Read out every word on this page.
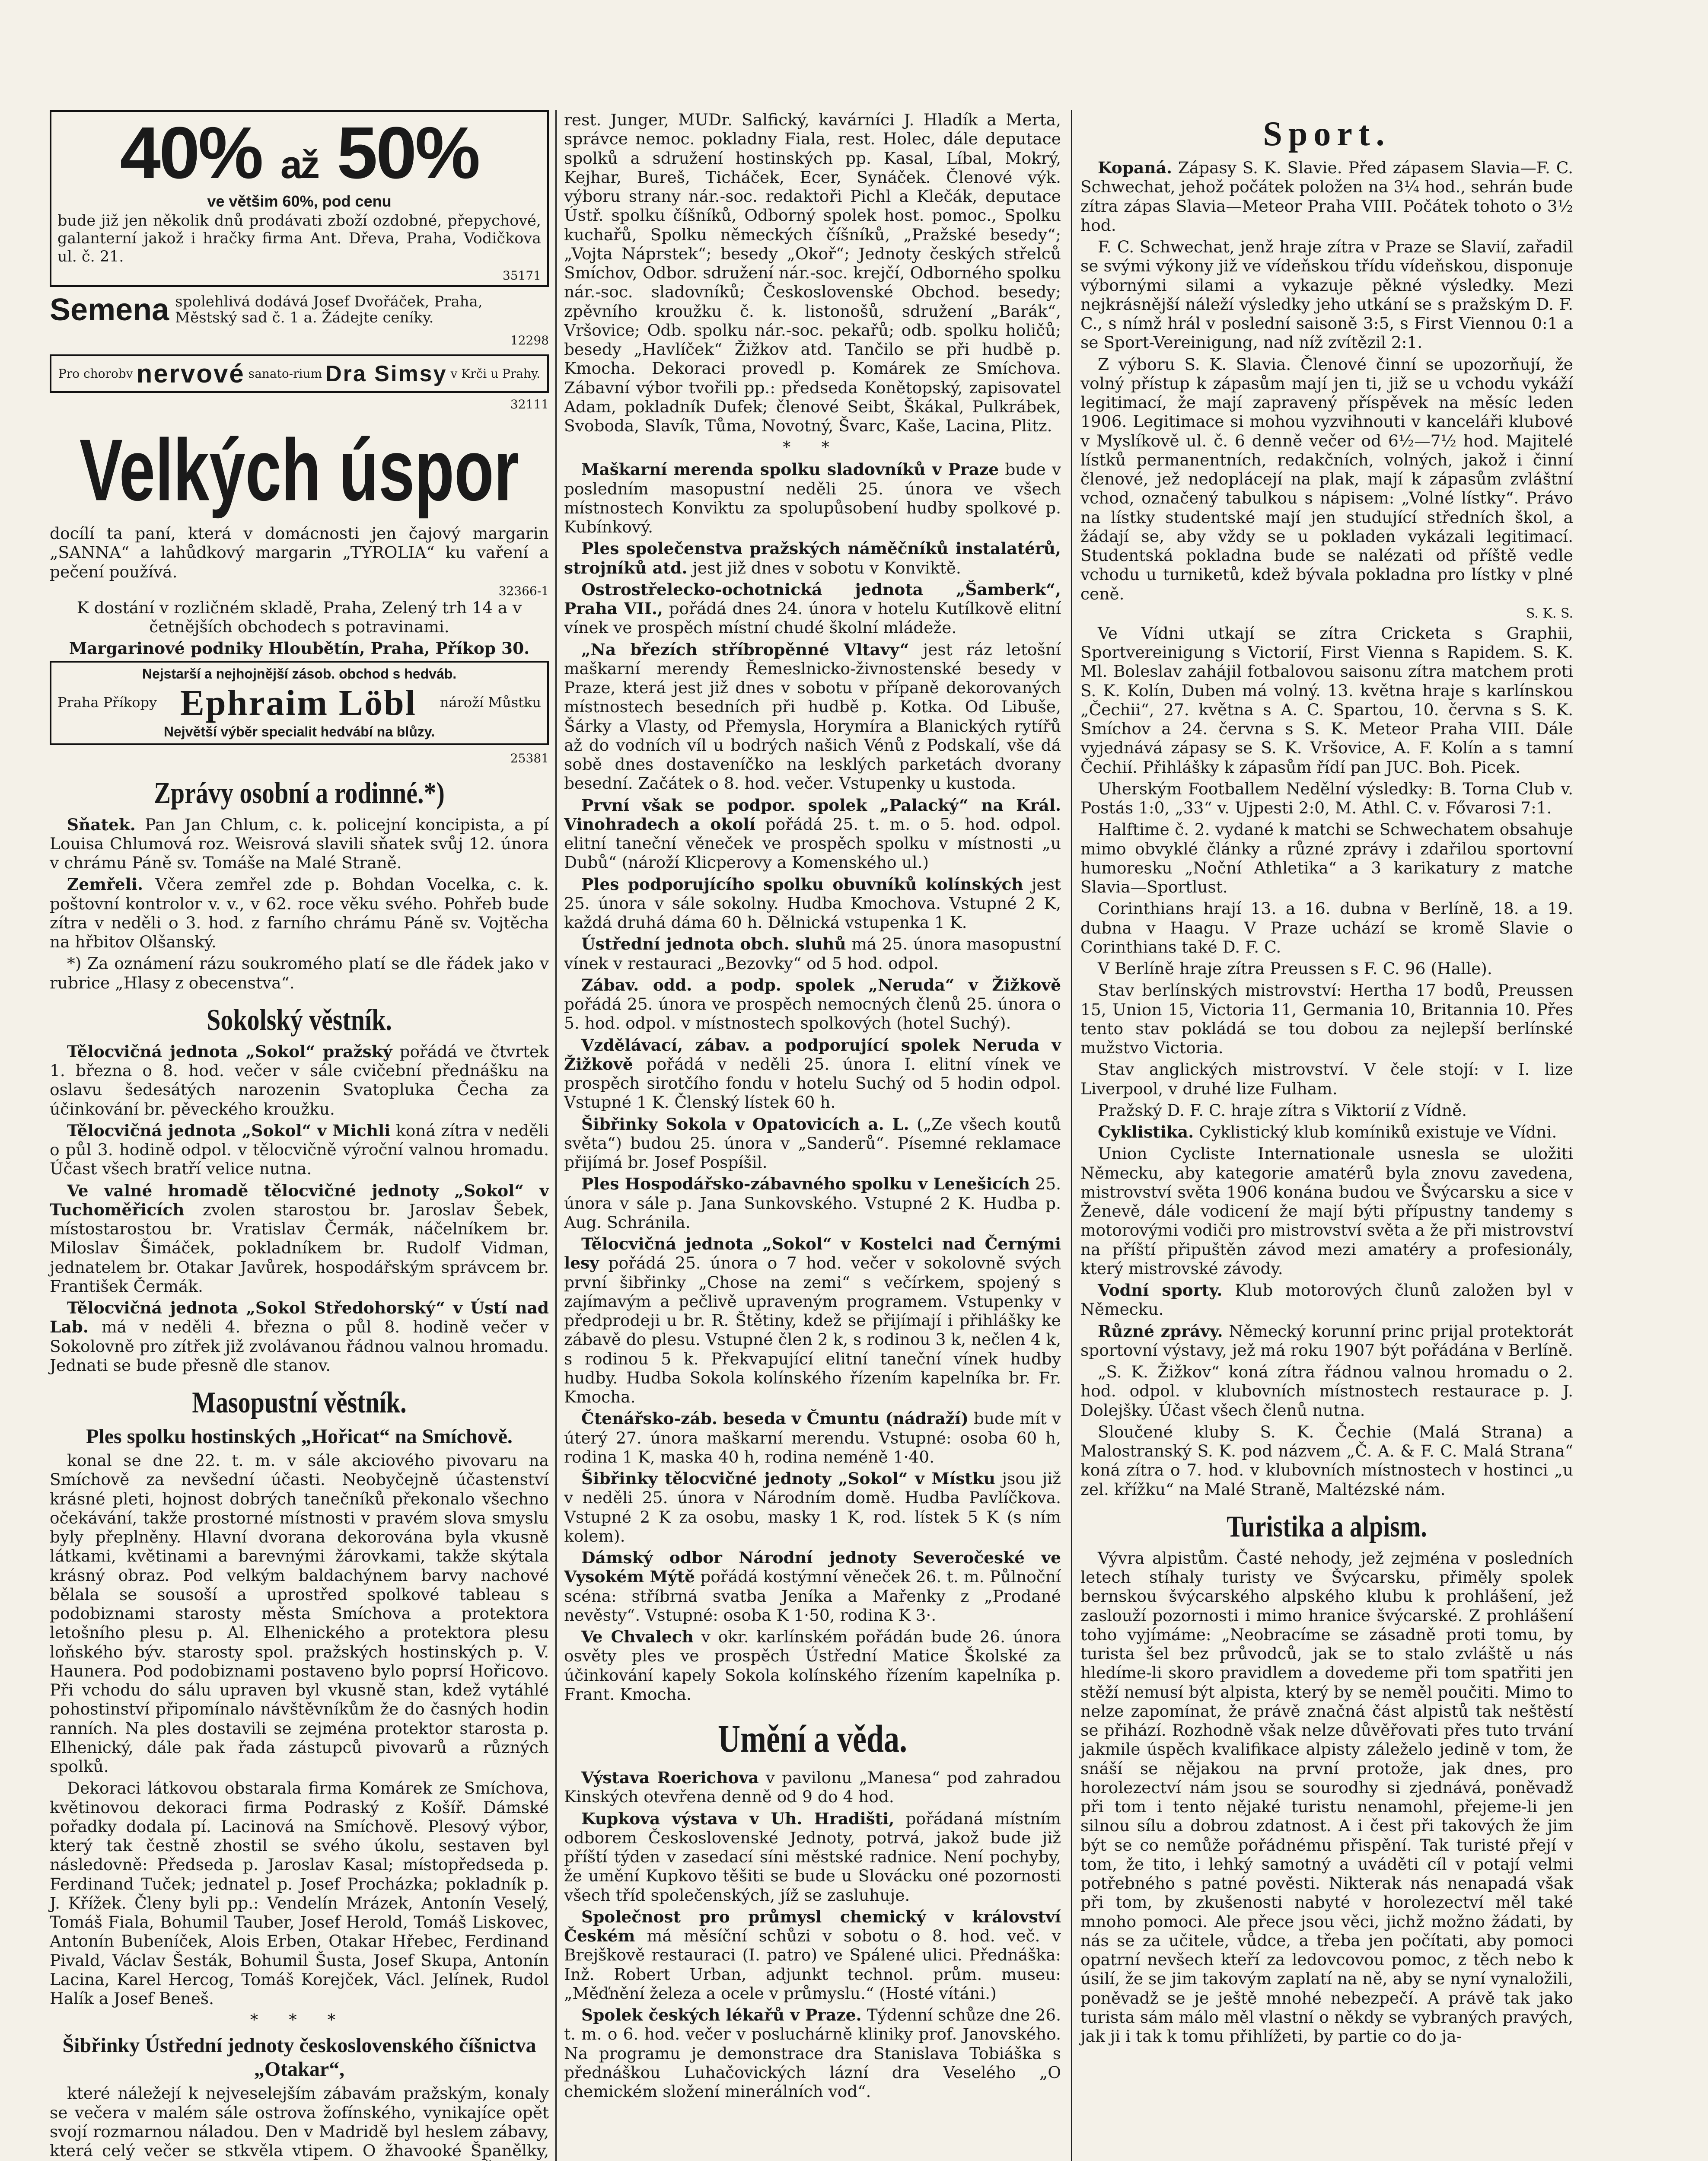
40% až 50%
ve většim 60%, pod cenu

bude již jen několik dnů prodávati zboží ozdobné, přepychové, galanterní jakož i hračky firma Ant. Dřeva, Praha, Vodičkova ul. č. 21.

35171
Semena spolehlivá dodává Josef Dvořáček, Praha, Městský sad č. 1 a. Žádejte ceníky.
12298
Pro chorobv nervové sanato-rium Dra Simsy v Krči u Prahy.
32111
Velkých úspor

docílí ta paní, která v domácnosti jen čajový margarin „SANNA“ a lahůdkový margarin „TYROLIA“ ku vaření a pečení používá.

32366-1

K dostání v rozličném skladě, Praha, Zelený trh 14 a v četnějších obchodech s potravinami.

Margarinové podniky Hloubětín, Praha, Příkop 30.

Nejstarší a nejhojnější zásob. obchod s hedváb.
Praha Příkopy Ephraim Löbl nároží Můstku
Největší výběr specialit hedvábí na blůzy.
25381
Zprávy osobní a rodinné.*)

Sňatek. Pan Jan Chlum, c. k. policejní koncipista, a pí Louisa Chlumová roz. Weisrová slavili sňatek svůj 12. února v chrámu Páně sv. Tomáše na Malé Straně.

Zemřeli. Včera zemřel zde p. Bohdan Vocelka, c. k. poštovní kontrolor v. v., v 62. roce věku svého. Pohřeb bude zítra v neděli o 3. hod. z farního chrámu Páně sv. Vojtěcha na hřbitov Olšanský.

*) Za oznámení rázu soukromého platí se dle řádek jako v rubrice „Hlasy z obecenstva“.

Sokolský věstník.

Tělocvičná jednota „Sokol“ pražský pořádá ve čtvrtek 1. března o 8. hod. večer v sále cvičební přednášku na oslavu šedesátých narozenin Svatopluka Čecha za účinkování br. pěveckého kroužku.

Tělocvičná jednota „Sokol“ v Michli koná zítra v neděli o půl 3. hodině odpol. v tělocvičně výroční valnou hromadu. Účast všech bratří velice nutna.

Ve valné hromadě tělocvičné jednoty „Sokol“ v Tuchoměřicích zvolen starostou br. Jaroslav Šebek, místostarostou br. Vratislav Čermák, náčelníkem br. Miloslav Šimáček, pokladníkem br. Rudolf Vidman, jednatelem br. Otakar Javůrek, hospodářským správcem br. František Čermák.

Tělocvičná jednota „Sokol Středohorský“ v Ústí nad Lab. má v neděli 4. března o půl 8. hodině večer v Sokolovně pro zítřek již zvolávanou řádnou valnou hromadu. Jednati se bude přesně dle stanov.

Masopustní věstník.
Ples spolku hostinských „Hořicat“ na Smíchově.

konal se dne 22. t. m. v sále akciového pivovaru na Smíchově za nevšední účasti. Neobyčejně účastenství krásné pleti, hojnost dobrých tanečníků překonalo všechno očekávání, takže prostorné místnosti v pravém slova smyslu byly přeplněny. Hlavní dvorana dekorována byla vkusně látkami, květinami a barevnými žárovkami, takže skýtala krásný obraz. Pod velkým baldachýnem barvy nachové bělala se sousoší a uprostřed spolkové tableau s podobiznami starosty města Smíchova a protektora letošního plesu p. Al. Elhenického a protektora plesu loňského býv. starosty spol. pražských hostinských p. V. Haunera. Pod podobiznami postaveno bylo poprsí Hořicovo. Při vchodu do sálu upraven byl vkusně stan, kdež vytáhlé pohostinství připomínalo návštěvníkům že do časných hodin ranních. Na ples dostavili se zejména protektor starosta p. Elhenický, dále pak řada zástupců pivovarů a různých spolků.

Dekoraci látkovou obstarala firma Komárek ze Smíchova, květinovou dekoraci firma Podraský z Košíř. Dámské pořadky dodala pí. Lacinová na Smíchově. Plesový výbor, který tak čestně zhostil se svého úkolu, sestaven byl následovně: Předseda p. Jaroslav Kasal; místopředseda p. Ferdinand Tuček; jednatel p. Josef Procházka; pokladník p. J. Křížek. Členy byli pp.: Vendelín Mrázek, Antonín Veselý, Tomáš Fiala, Bohumil Tauber, Josef Herold, Tomáš Liskovec, Antonín Bubeníček, Alois Erben, Otakar Hřebec, Ferdinand Pivald, Václav Šesták, Bohumil Šusta, Josef Skupa, Antonín Lacina, Karel Hercog, Tomáš Korejček, Václ. Jelínek, Rudol Halík a Josef Beneš.

* * *
Šibřinky Ústřední jednoty československého číšnictva „Otakar“,

které náležejí k nejveselejším zábavám pražským, konaly se večera v malém sále ostrova žofínského, vynikajíce opět svojí rozmarnou náladou. Den v Madridě byl heslem zábavy, která celý večer se stkvěla vtipem. O žhavooké Španělky,

rest. Junger, MUDr. Salfický, kavárníci J. Hladík a Merta, správce nemoc. pokladny Fiala, rest. Holec, dále deputace spolků a sdružení hostinských pp. Kasal, Líbal, Mokrý, Kejhar, Bureš, Ticháček, Ecer, Synáček. Členové výk. výboru strany nár.-soc. redaktoři Pichl a Klečák, deputace Ústř. spolku číšníků, Odborný spolek host. pomoc., Spolku kuchařů, Spolku německých číšníků, „Pražské besedy“; „Vojta Náprstek“; besedy „Okoř“; Jednoty českých střelců Smíchov, Odbor. sdružení nár.-soc. krejčí, Odborného spolku nár.-soc. sladovníků; Československé Obchod. besedy; zpěvního kroužku č. k. listonošů, sdružení „Barák“, Vršovice; Odb. spolku nár.-soc. pekařů; odb. spolku holičů; besedy „Havlíček“ Žižkov atd. Tančilo se při hudbě p. Kmocha. Dekoraci provedl p. Komárek ze Smíchova. Zábavní výbor tvořili pp.: předseda Konětopský, zapisovatel Adam, pokladník Dufek; členové Seibt, Škákal, Pulkrábek, Svoboda, Slavík, Tůma, Novotný, Švarc, Kaše, Lacina, Plitz.

* *

Maškarní merenda spolku sladovníků v Praze bude v posledním masopustní neděli 25. února ve všech místnostech Konviktu za spolupůsobení hudby spolkové p. Kubínkový.

Ples společenstva pražských náměčníků instalatérů, strojníků atd. jest již dnes v sobotu v Konviktě.

Ostrostřelecko-ochotnická jednota „Šamberk“, Praha VII., pořádá dnes 24. února v hotelu Kutílkově elitní vínek ve prospěch místní chudé školní mládeže.

„Na březích stříbropěnné Vltavy“ jest ráz letošní maškarní merendy Řemeslnicko-živnostenské besedy v Praze, která jest již dnes v sobotu v přípaně dekorovaných místnostech besedních při hudbě p. Kotka. Od Libuše, Šárky a Vlasty, od Přemysla, Horymíra a Blanických rytířů až do vodních víl u bodrých našich Vénů z Podskalí, vše dá sobě dnes dostaveníčko na lesklých parketách dvorany besední. Začátek o 8. hod. večer. Vstupenky u kustoda.

První však se podpor. spolek „Palacký“ na Král. Vinohradech a okolí pořádá 25. t. m. o 5. hod. odpol. elitní taneční věneček ve prospěch spolku v místnosti „u Dubů“ (nároží Klicperovy a Komenského ul.)

Ples podporujícího spolku obuvníků kolínských jest 25. února v sále sokolny. Hudba Kmochova. Vstupné 2 K, každá druhá dáma 60 h. Dělnická vstupenka 1 K.

Ústřední jednota obch. sluhů má 25. února masopustní vínek v restauraci „Bezovky“ od 5 hod. odpol.

Zábav. odd. a podp. spolek „Neruda“ v Žižkově pořádá 25. února ve prospěch nemocných členů 25. února o 5. hod. odpol. v místnostech spolkových (hotel Suchý).

Vzdělávací, zábav. a podporující spolek Neruda v Žižkově pořádá v neděli 25. února I. elitní vínek ve prospěch sirotčího fondu v hotelu Suchý od 5 hodin odpol. Vstupné 1 K. Členský lístek 60 h.

Šibřinky Sokola v Opatovicích a. L. („Ze všech koutů světa“) budou 25. února v „Sanderů“. Písemné reklamace přijímá br. Josef Pospíšil.

Ples Hospodářsko-zábavného spolku v Lenešicích 25. února v sále p. Jana Sunkovského. Vstupné 2 K. Hudba p. Aug. Schránila.

Tělocvičná jednota „Sokol“ v Kostelci nad Černými lesy pořádá 25. února o 7 hod. večer v sokolovně svých první šibřinky „Chose na zemi“ s večírkem, spojený s zajímavým a pečlivě upraveným programem. Vstupenky v předprodeji u br. R. Štětiny, kdež se přijímají i přihlášky ke zábavě do plesu. Vstupné člen 2 k, s rodinou 3 k, nečlen 4 k, s rodinou 5 k. Překvapující elitní taneční vínek hudby hudby. Hudba Sokola kolínského řízením kapelníka br. Fr. Kmocha.

Čtenářsko-záb. beseda v Čmuntu (nádraží) bude mít v úterý 27. února maškarní merendu. Vstupné: osoba 60 h, rodina 1 K, maska 40 h, rodina neméně 1·40.

Šibřinky tělocvičné jednoty „Sokol“ v Místku jsou již v neděli 25. února v Národním domě. Hudba Pavlíčkova. Vstupné 2 K za osobu, masky 1 K, rod. lístek 5 K (s ním kolem).

Dámský odbor Národní jednoty Severočeské ve Vysokém Mýtě pořádá kostýmní věneček 26. t. m. Půlnoční scéna: stříbrná svatba Jeníka a Mařenky z „Prodané nevěsty“. Vstupné: osoba K 1·50, rodina K 3·.

Ve Chvalech v okr. karlínském pořádán bude 26. února osvěty ples ve prospěch Ústřední Matice Školské za účinkování kapely Sokola kolínského řízením kapelníka p. Frant. Kmocha.

Umění a věda.

Výstava Roerichova v pavilonu „Manesa“ pod zahradou Kinských otevřena denně od 9 do 4 hod.

Kupkova výstava v Uh. Hradišti, pořádaná místním odborem Československé Jednoty, potrvá, jakož bude již příští týden v zasedací síni městské radnice. Není pochyby, že umění Kupkovo těšiti se bude u Slovácku oné pozornosti všech tříd společenských, jíž se zasluhuje.

Společnost pro průmysl chemický v království Českém má měsíční schůzi v sobotu o 8. hod. več. v Brejškově restauraci (I. patro) ve Spálené ulici. Přednáška: Inž. Robert Urban, adjunkt technol. prům. museu: „Měďnění železa a ocele v průmyslu.“ (Hosté vítáni.)

Spolek českých lékařů v Praze. Týdenní schůze dne 26. t. m. o 6. hod. večer v posluchárně kliniky prof. Janovského. Na programu je demonstrace dra Stanislava Tobiáška s přednáškou Luhačovických lázní dra Veselého „O chemickém složení minerálních vod“.

Sport.

Kopaná. Zápasy S. K. Slavie. Před zápasem Slavia—F. C. Schwechat, jehož počátek položen na 3¼ hod., sehrán bude zítra zápas Slavia—Meteor Praha VIII. Počátek tohoto o 3½ hod.

F. C. Schwechat, jenž hraje zítra v Praze se Slavií, zařadil se svými výkony již ve vídeňskou třídu vídeňskou, disponuje výbornými silami a vykazuje pěkné výsledky. Mezi nejkrásnější náleží výsledky jeho utkání se s pražským D. F. C., s nímž hrál v poslední saisoně 3:5, s First Viennou 0:1 a se Sport-Vereinigung, nad níž zvítězil 2:1.

Z výboru S. K. Slavia. Členové činní se upozorňují, že volný přístup k zápasům mají jen ti, již se u vchodu vykáží legitimací, že mají zapravený příspěvek na měsíc leden 1906. Legitimace si mohou vyzvihnouti v kanceláři klubové v Myslíkově ul. č. 6 denně večer od 6½—7½ hod. Majitelé lístků permanentních, redakčních, volných, jakož i činní členové, jež nedoplácejí na plak, mají k zápasům zvláštní vchod, označený tabulkou s nápisem: „Volné lístky“. Právo na lístky studentské mají jen studující středních škol, a žádají se, aby vždy se u pokladen vykázali legitimací. Studentská pokladna bude se nalézati od příště vedle vchodu u turniketů, kdež bývala pokladna pro lístky v plné ceně.

S. K. S.

Ve Vídni utkají se zítra Cricketa s Graphii, Sportvereinigung s Victorií, First Vienna s Rapidem. S. K. Ml. Boleslav zahájil fotbalovou saisonu zítra matchem proti S. K. Kolín, Duben má volný. 13. května hraje s karlínskou „Čechii“, 27. května s A. C. Spartou, 10. června s S. K. Smíchov a 24. června s S. K. Meteor Praha VIII. Dále vyjednává zápasy se S. K. Vršovice, A. F. Kolín a s tamní Čechií. Přihlášky k zápasům řídí pan JUC. Boh. Picek.

Uherským Footballem Nedělní výsledky: B. Torna Club v. Postás 1:0, „33“ v. Ujpesti 2:0, M. Athl. C. v. Fővarosi 7:1.

Halftime č. 2. vydané k matchi se Schwechatem obsahuje mimo obvyklé články a různé zprávy i zdařilou sportovní humoresku „Noční Athletika“ a 3 karikatury z matche Slavia—Sportlust.

Corinthians hrají 13. a 16. dubna v Berlíně, 18. a 19. dubna v Haagu. V Praze uchází se kromě Slavie o Corinthians také D. F. C.

V Berlíně hraje zítra Preussen s F. C. 96 (Halle).

Stav berlínských mistrovství: Hertha 17 bodů, Preussen 15, Union 15, Victoria 11, Germania 10, Britannia 10. Přes tento stav pokládá se tou dobou za nejlepší berlínské mužstvo Victoria.

Stav anglických mistrovství. V čele stojí: v I. lize Liverpool, v druhé lize Fulham.

Pražský D. F. C. hraje zítra s Viktorií z Vídně.

Cyklistika. Cyklistický klub komíniků existuje ve Vídni.

Union Cycliste Internationale usnesla se uložiti Německu, aby kategorie amatérů byla znovu zavedena, mistrovství světa 1906 konána budou ve Švýcarsku a sice v Ženevě, dále vodicení že mají býti přípustny tandemy s motorovými vodiči pro mistrovství světa a že při mistrovství na příští připuštěn závod mezi amatéry a profesionály, který mistrovské závody.

Vodní sporty. Klub motorových člunů založen byl v Německu.

Různé zprávy. Německý korunní princ prijal protektorát sportovní výstavy, jež má roku 1907 být pořádána v Berlíně.

„S. K. Žižkov“ koná zítra řádnou valnou hromadu o 2. hod. odpol. v klubovních místnostech restaurace p. J. Dolejšky. Účast všech členů nutna.

Sloučené kluby S. K. Čechie (Malá Strana) a Malostranský S. K. pod názvem „Č. A. & F. C. Malá Strana“ koná zítra o 7. hod. v klubovních místnostech v hostinci „u zel. křížku“ na Malé Straně, Maltézské nám.

Turistika a alpism.

Vývra alpistům. Časté nehody, jež zejména v posledních letech stíhaly turisty ve Švýcarsku, přiměly spolek bernskou švýcarského alpského klubu k prohlášení, jež zaslouží pozornosti i mimo hranice švýcarské. Z prohlášení toho vyjímáme: „Neobracíme se zásadně proti tomu, by turista šel bez průvodců, jak se to stalo zvláště u nás hledíme-li skoro pravidlem a dovedeme při tom spatřiti jen stěží nemusí být alpista, který by se neměl poučiti. Mimo to nelze zapomínat, že právě značná část alpistů tak neštěstí se přihází. Rozhodně však nelze důvěřovati přes tuto trvání jakmile úspěch kvalifikace alpisty záleželo jedině v tom, že snáší se nějakou na první protože, jak dnes, pro horolezectví nám jsou se sourodhy si zjednává, poněvadž při tom i tento nějaké turistu nenamohl, přejeme-li jen silnou sílu a dobrou zdatnost. A i čest při takových že jim být se co nemůže pořádnému přispění. Tak turisté přejí v tom, že tito, i lehký samotný a uváděti cíl v potají velmi potřebného s patné pověsti. Nikterak nás nenapadá však při tom, by zkušenosti nabyté v horolezectví měl také mnoho pomoci. Ale přece jsou věci, jichž možno žádati, by nás se za učitele, vůdce, a třeba jen počítati, aby pomoci opatrní nevšech kteří za ledovcovou pomoc, z těch nebo k úsilí, že se jim takovým zaplatí na ně, aby se nyní vynaložili, poněvadž se je ještě mnohé nebezpečí. A právě tak jako turista sám málo měl vlastní o někdy se vybraných pravých, jak ji i tak k tomu přihlížeti, by partie co do ja-
